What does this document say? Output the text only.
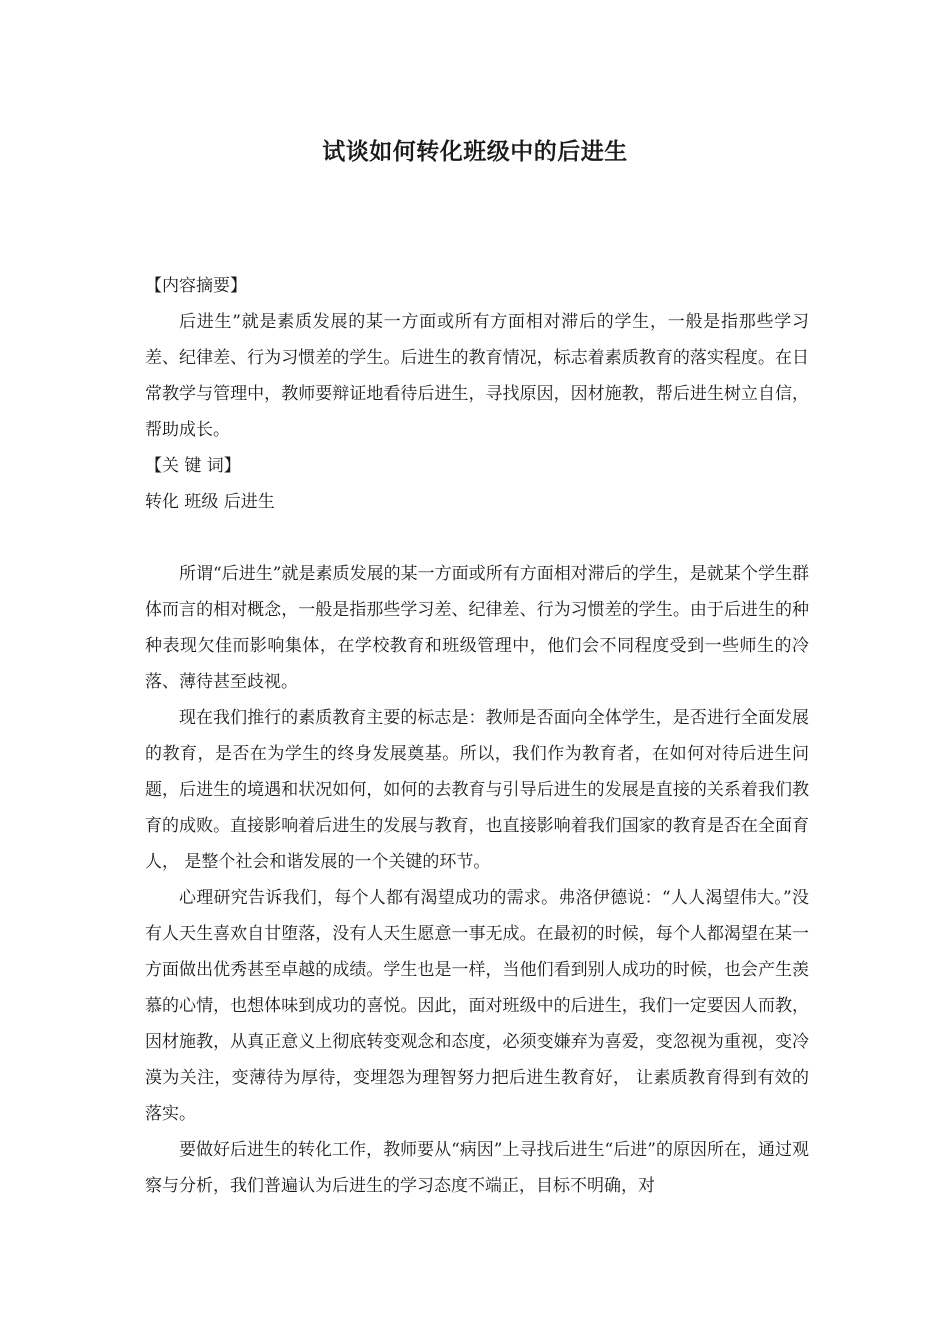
试谈如何转化班级中的后进生

【内容摘要】

后进生”就是素质发展的某一方面或所有方面相对滞后的学生，一般是指那些学习差、纪律差、行为习惯差的学生。后进生的教育情况，标志着素质教育的落实程度。在日常教学与管理中，教师要辩证地看待后进生，寻找原因，因材施教，帮后进生树立自信， 帮助成长。

【关 键 词】

转化 班级 后进生

所谓“后进生”就是素质发展的某一方面或所有方面相对滞后的学生，是就某个学生群体而言的相对概念，一般是指那些学习差、纪律差、行为习惯差的学生。由于后进生的种种表现欠佳而影响集体，在学校教育和班级管理中，他们会不同程度受到一些师生的冷落、薄待甚至歧视。

现在我们推行的素质教育主要的标志是：教师是否面向全体学生，是否进行全面发展的教育，是否在为学生的终身发展奠基。所以，我们作为教育者，在如何对待后进生问题，后进生的境遇和状况如何，如何的去教育与引导后进生的发展是直接的关系着我们教育的成败。直接影响着后进生的发展与教育，也直接影响着我们国家的教育是否在全面育人， 是整个社会和谐发展的一个关键的环节。

心理研究告诉我们，每个人都有渴望成功的需求。弗洛伊德说：“人人渴望伟大。”没有人天生喜欢自甘堕落，没有人天生愿意一事无成。在最初的时候，每个人都渴望在某一方面做出优秀甚至卓越的成绩。学生也是一样，当他们看到别人成功的时候，也会产生羡慕的心情，也想体味到成功的喜悦。因此，面对班级中的后进生，我们一定要因人而教，因材施教，从真正意义上彻底转变观念和态度，必须变嫌弃为喜爱，变忽视为重视，变冷漠为关注，变薄待为厚待，变埋怨为理智努力把后进生教育好， 让素质教育得到有效的落实。

要做好后进生的转化工作，教师要从“病因”上寻找后进生“后进”的原因所在，通过观察与分析，我们普遍认为后进生的学习态度不端正，目标不明确，对
